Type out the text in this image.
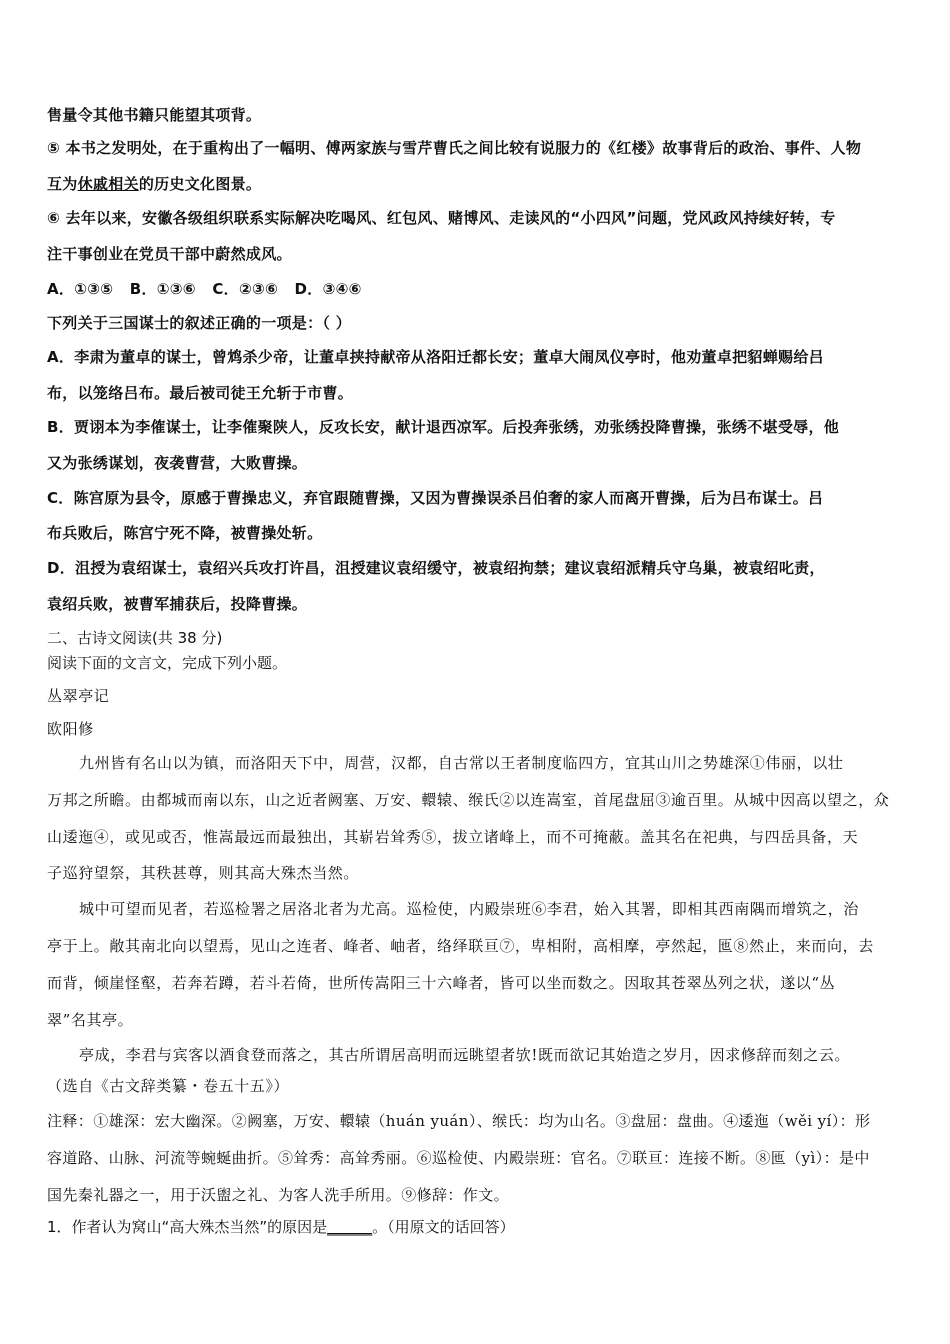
售量令其他书籍只能望其项背。
⑤ 本书之发明处，在于重构出了一幅明、傅两家族与雪芹曹氏之间比较有说服力的《红楼》故事背后的政治、事件、人物
互为休戚相关的历史文化图景。
⑥ 去年以来，安徽各级组织联系实际解决吃喝风、红包风、赌博风、走读风的“小四风”问题，党风政风持续好转，专
注干事创业在党员干部中蔚然成风。
A．①③⑤   B．①③⑥   C．②③⑥   D．③④⑥
下列关于三国谋士的叙述正确的一项是：（ ）
A．李肃为董卓的谋士，曾鸩杀少帝，让董卓挟持献帝从洛阳迁都长安；董卓大闹凤仪亭时，他劝董卓把貂蝉赐给吕
布，以笼络吕布。最后被司徒王允斩于市曹。
B．贾诩本为李傕谋士，让李傕聚陕人，反攻长安，献计退西凉军。后投奔张绣，劝张绣投降曹操，张绣不堪受辱，他
又为张绣谋划，夜袭曹营，大败曹操。
C．陈宫原为县令，原感于曹操忠义，弃官跟随曹操，又因为曹操误杀吕伯奢的家人而离开曹操，后为吕布谋士。吕
布兵败后，陈宫宁死不降，被曹操处斩。
D．沮授为袁绍谋士，袁绍兴兵攻打许昌，沮授建议袁绍缓守，被袁绍拘禁；建议袁绍派精兵守乌巢，被袁绍叱责，
袁绍兵败，被曹军捕获后，投降曹操。
二、古诗文阅读(共 38 分)
阅读下面的文言文，完成下列小题。
丛翠亭记
欧阳修
九州皆有名山以为镇，而洛阳天下中，周营，汉都，自古常以王者制度临四方，宜其山川之势雄深①伟丽，以壮
万邦之所瞻。由都城而南以东，山之近者阙塞、万安、轘辕、缑氏②以连嵩室，首尾盘屈③逾百里。从城中因高以望之，众
山逶迤④，或见或否，惟嵩最远而最独出，其崭岩耸秀⑤，拔立诸峰上，而不可掩蔽。盖其名在祀典，与四岳具备，天
子巡狩望祭，其秩甚尊，则其高大殊杰当然。
城中可望而见者，若巡检署之居洛北者为尤高。巡检使，内殿崇班⑥李君，始入其署，即相其西南隅而增筑之，治
亭于上。敞其南北向以望焉，见山之连者、峰者、岫者，络绎联亘⑦，卑相附，高相摩，亭然起，匜⑧然止，来而向，去
而背，倾崖怪壑，若奔若蹲，若斗若倚，世所传嵩阳三十六峰者，皆可以坐而数之。因取其苍翠丛列之状，遂以“丛
翠”名其亭。
亭成，李君与宾客以酒食登而落之，其古所谓居高明而远眺望者欤!既而欲记其始造之岁月，因求修辞而刻之云。
（选自《古文辞类纂・卷五十五》）
注释：①雄深：宏大幽深。②阙塞，万安、轘辕（huán yuán）、缑氏：均为山名。③盘屈：盘曲。④逶迤（wěi yí）：形
容道路、山脉、河流等蜿蜒曲折。⑤耸秀：高耸秀丽。⑥巡检使、内殿崇班：官名。⑦联亘：连接不断。⑧匜（yì）：是中
国先秦礼器之一，用于沃盥之礼、为客人洗手所用。⑨修辞：作文。
1．作者认为窝山“高大殊杰当然”的原因是______。（用原文的话回答）
